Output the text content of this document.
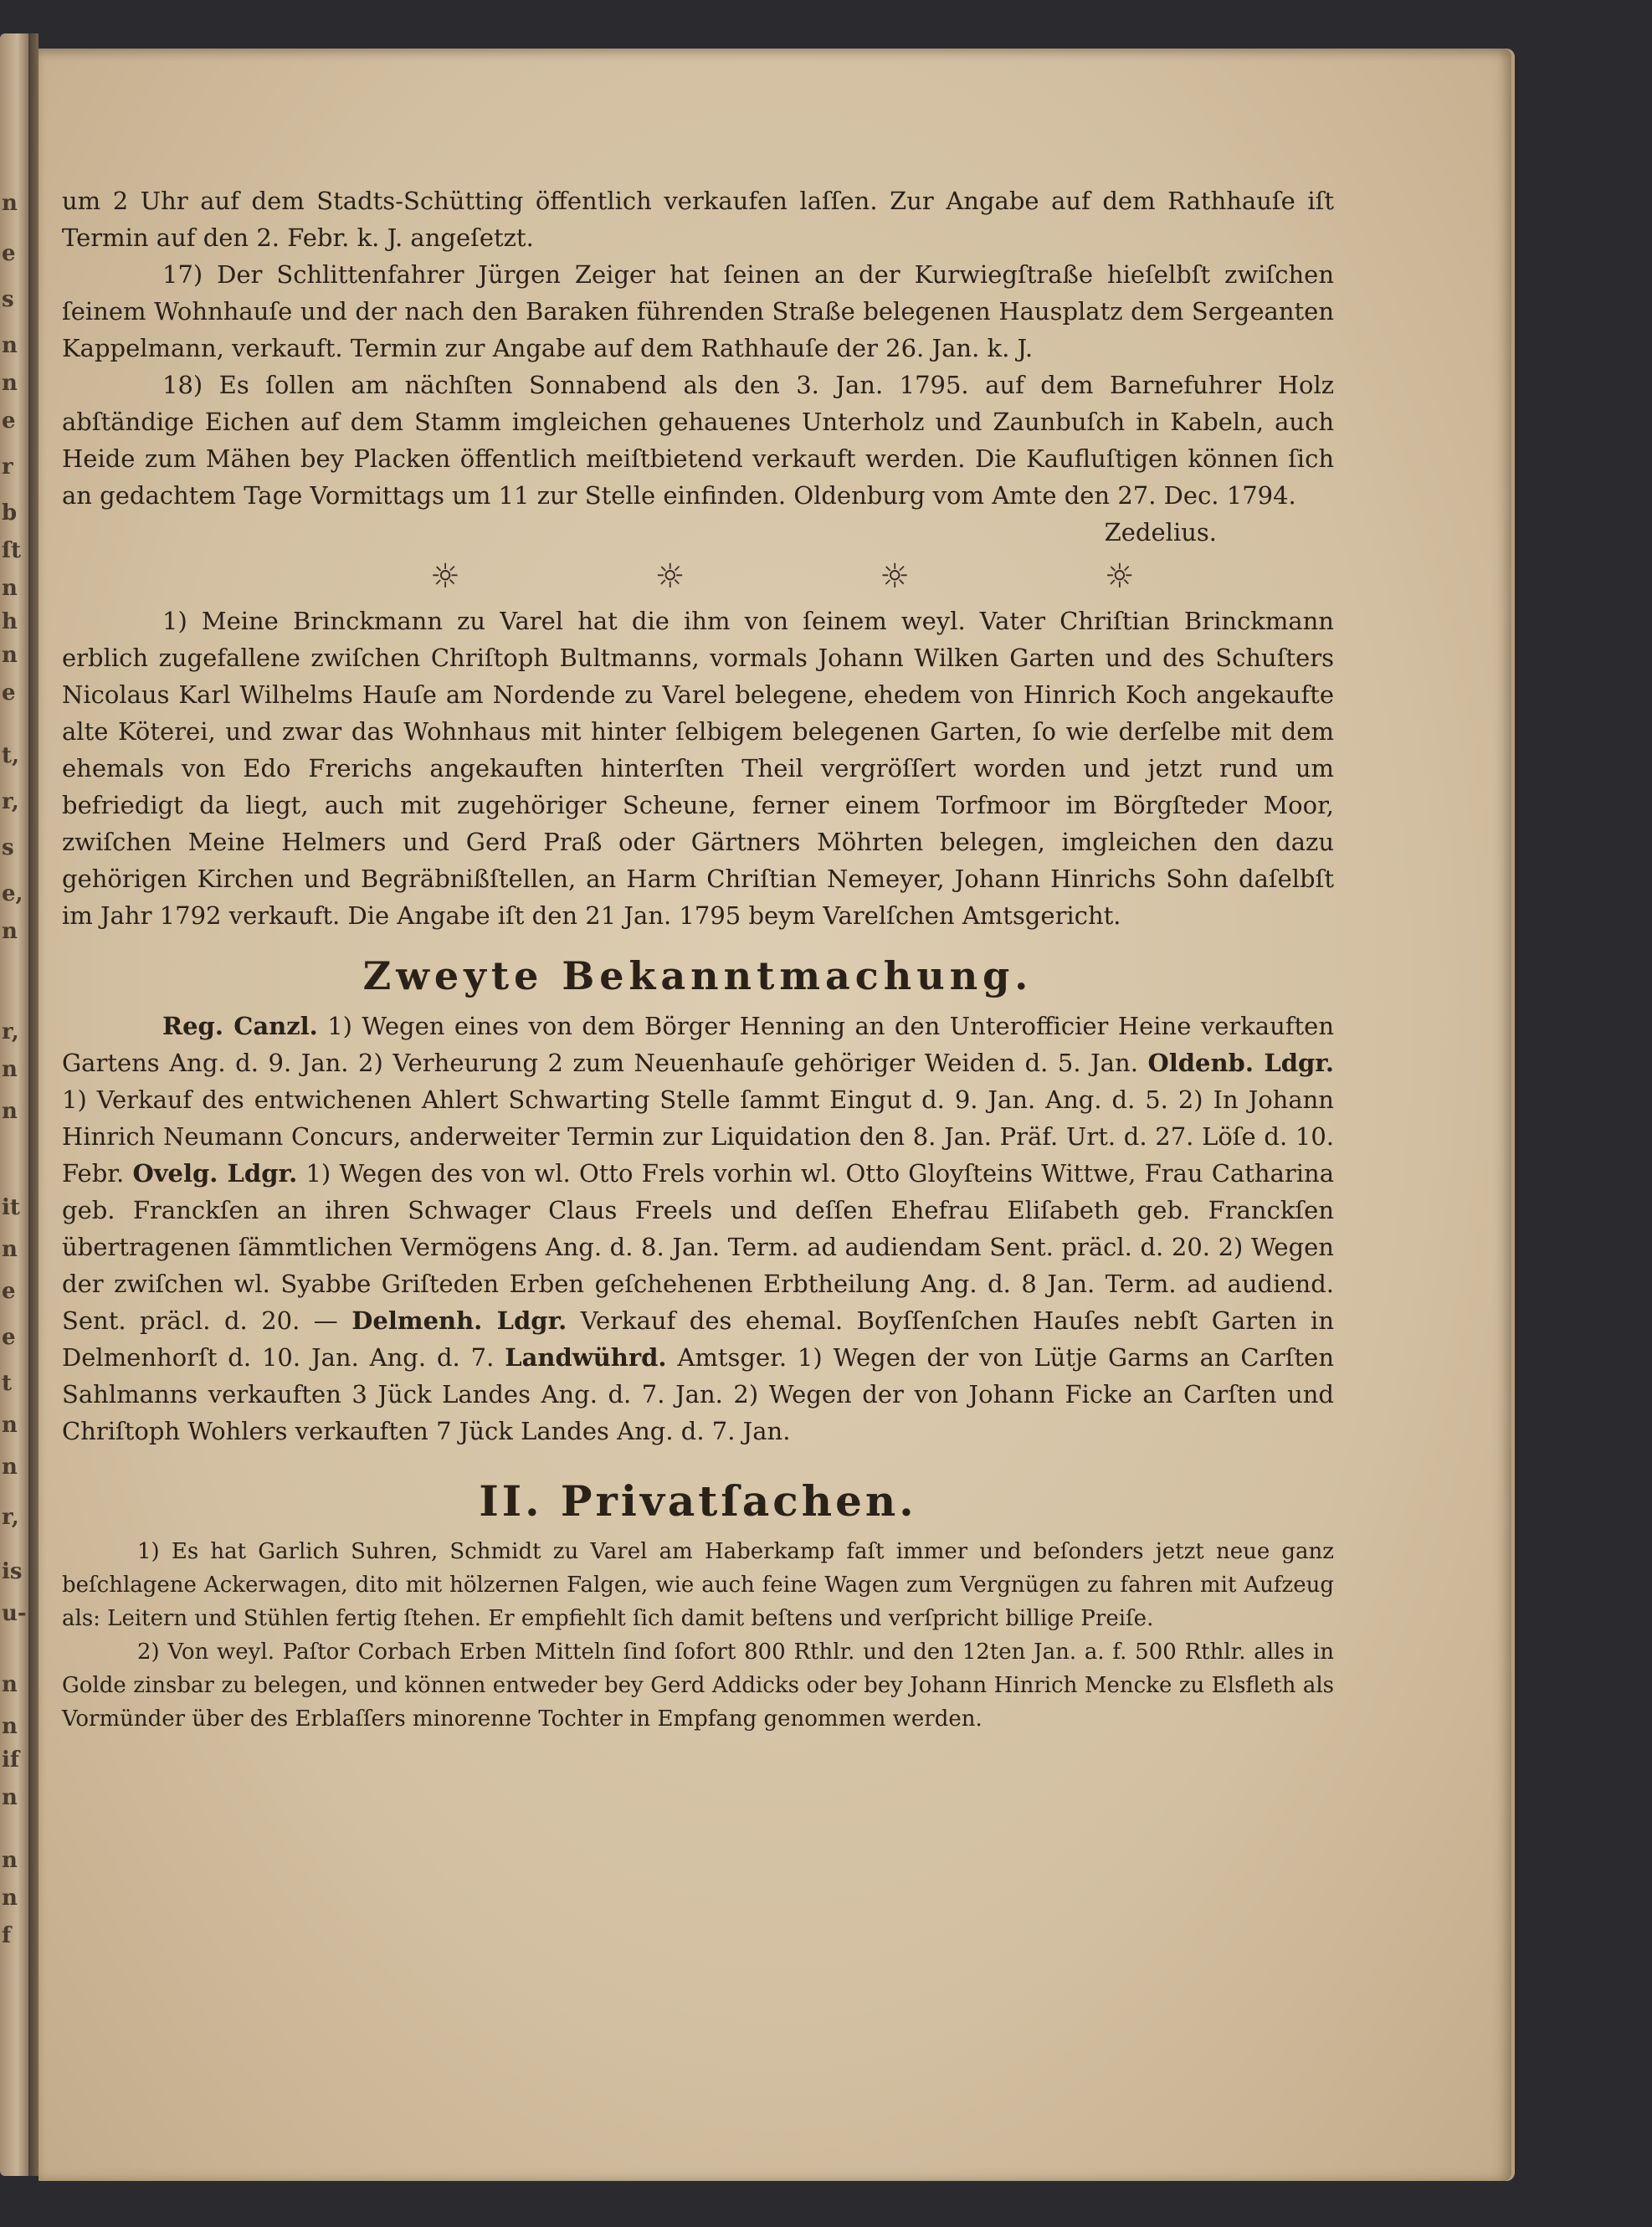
n
e
s
n
n
e
r
b
ſt
n
h
n
e
t,
r,
s
e,
n
r,
n
n
it
n
e
e
t
n
n
r,
is
u-
n
n
if
n
n
n
f

um 2 Uhr auf dem Stadts-Schütting öffentlich verkaufen laſſen. Zur Angabe auf dem Rathhauſe iſt Termin auf den 2. Febr. k. J. angeſetzt.

17) Der Schlittenfahrer Jürgen Zeiger hat ſeinen an der Kurwiegſtraße hieſelbſt zwiſchen ſeinem Wohnhauſe und der nach den Baraken führenden Straße belegenen Hausplatz dem Sergeanten Kappelmann, verkauft. Termin zur Angabe auf dem Rathhauſe der 26. Jan. k. J.

18) Es ſollen am nächſten Sonnabend als den 3. Jan. 1795. auf dem Barnefuhrer Holz abſtändige Eichen auf dem Stamm imgleichen gehauenes Unterholz und Zaunbuſch in Kabeln, auch Heide zum Mähen bey Placken öffentlich meiſtbietend verkauft werden. Die Kaufluſtigen können ſich an gedachtem Tage Vormittags um 11 zur Stelle einfinden. Oldenburg vom Amte den 27. Dec. 1794.

Zedelius.

☼ ☼ ☼ ☼

1) Meine Brinckmann zu Varel hat die ihm von ſeinem weyl. Vater Chriſtian Brinckmann erblich zugefallene zwiſchen Chriſtoph Bultmanns, vormals Johann Wilken Garten und des Schuſters Nicolaus Karl Wilhelms Hauſe am Nordende zu Varel belegene, ehedem von Hinrich Koch angekaufte alte Köterei, und zwar das Wohnhaus mit hinter ſelbigem belegenen Garten, ſo wie derſelbe mit dem ehemals von Edo Frerichs angekauften hinterſten Theil vergröſſert worden und jetzt rund um befriedigt da liegt, auch mit zugehöriger Scheune, ferner einem Torfmoor im Börgſteder Moor, zwiſchen Meine Helmers und Gerd Praß oder Gärtners Möhrten belegen, imgleichen den dazu gehörigen Kirchen und Begräbnißſtellen, an Harm Chriſtian Nemeyer, Johann Hinrichs Sohn daſelbſt im Jahr 1792 verkauft. Die Angabe iſt den 21 Jan. 1795 beym Varelſchen Amtsgericht.

Zweyte Bekanntmachung.

Reg. Canzl. 1) Wegen eines von dem Börger Henning an den Unterofficier Heine verkauften Gartens Ang. d. 9. Jan. 2) Verheurung 2 zum Neuenhauſe gehöriger Weiden d. 5. Jan. Oldenb. Ldgr. 1) Verkauf des entwichenen Ahlert Schwarting Stelle ſammt Eingut d. 9. Jan. Ang. d. 5. 2) In Johann Hinrich Neumann Concurs, anderweiter Termin zur Liquidation den 8. Jan. Präf. Urt. d. 27. Löſe d. 10. Febr. Ovelg. Ldgr. 1) Wegen des von wl. Otto Frels vorhin wl. Otto Gloyſteins Wittwe, Frau Catharina geb. Franckſen an ihren Schwager Claus Freels und deſſen Ehefrau Eliſabeth geb. Franckſen übertragenen ſämmtlichen Vermögens Ang. d. 8. Jan. Term. ad audiendam Sent. präcl. d. 20. 2) Wegen der zwiſchen wl. Syabbe Griſteden Erben geſchehenen Erbtheilung Ang. d. 8 Jan. Term. ad audiend. Sent. präcl. d. 20. — Delmenh. Ldgr. Verkauf des ehemal. Boyſſenſchen Hauſes nebſt Garten in Delmenhorſt d. 10. Jan. Ang. d. 7. Landwührd. Amtsger. 1) Wegen der von Lütje Garms an Carſten Sahlmanns verkauften 3 Jück Landes Ang. d. 7. Jan. 2) Wegen der von Johann Ficke an Carſten und Chriſtoph Wohlers verkauften 7 Jück Landes Ang. d. 7. Jan.

II. Privatſachen.

1) Es hat Garlich Suhren, Schmidt zu Varel am Haberkamp faſt immer und beſonders jetzt neue ganz beſchlagene Ackerwagen, dito mit hölzernen Falgen, wie auch feine Wagen zum Vergnügen zu fahren mit Aufzeug als: Leitern und Stühlen fertig ſtehen. Er empfiehlt ſich damit beſtens und verſpricht billige Preiſe.

2) Von weyl. Paſtor Corbach Erben Mitteln ſind ſofort 800 Rthlr. und den 12ten Jan. a. f. 500 Rthlr. alles in Golde zinsbar zu belegen, und können entweder bey Gerd Addicks oder bey Johann Hinrich Mencke zu Elsfleth als Vormünder über des Erblaſſers minorenne Tochter in Empfang genommen werden.
